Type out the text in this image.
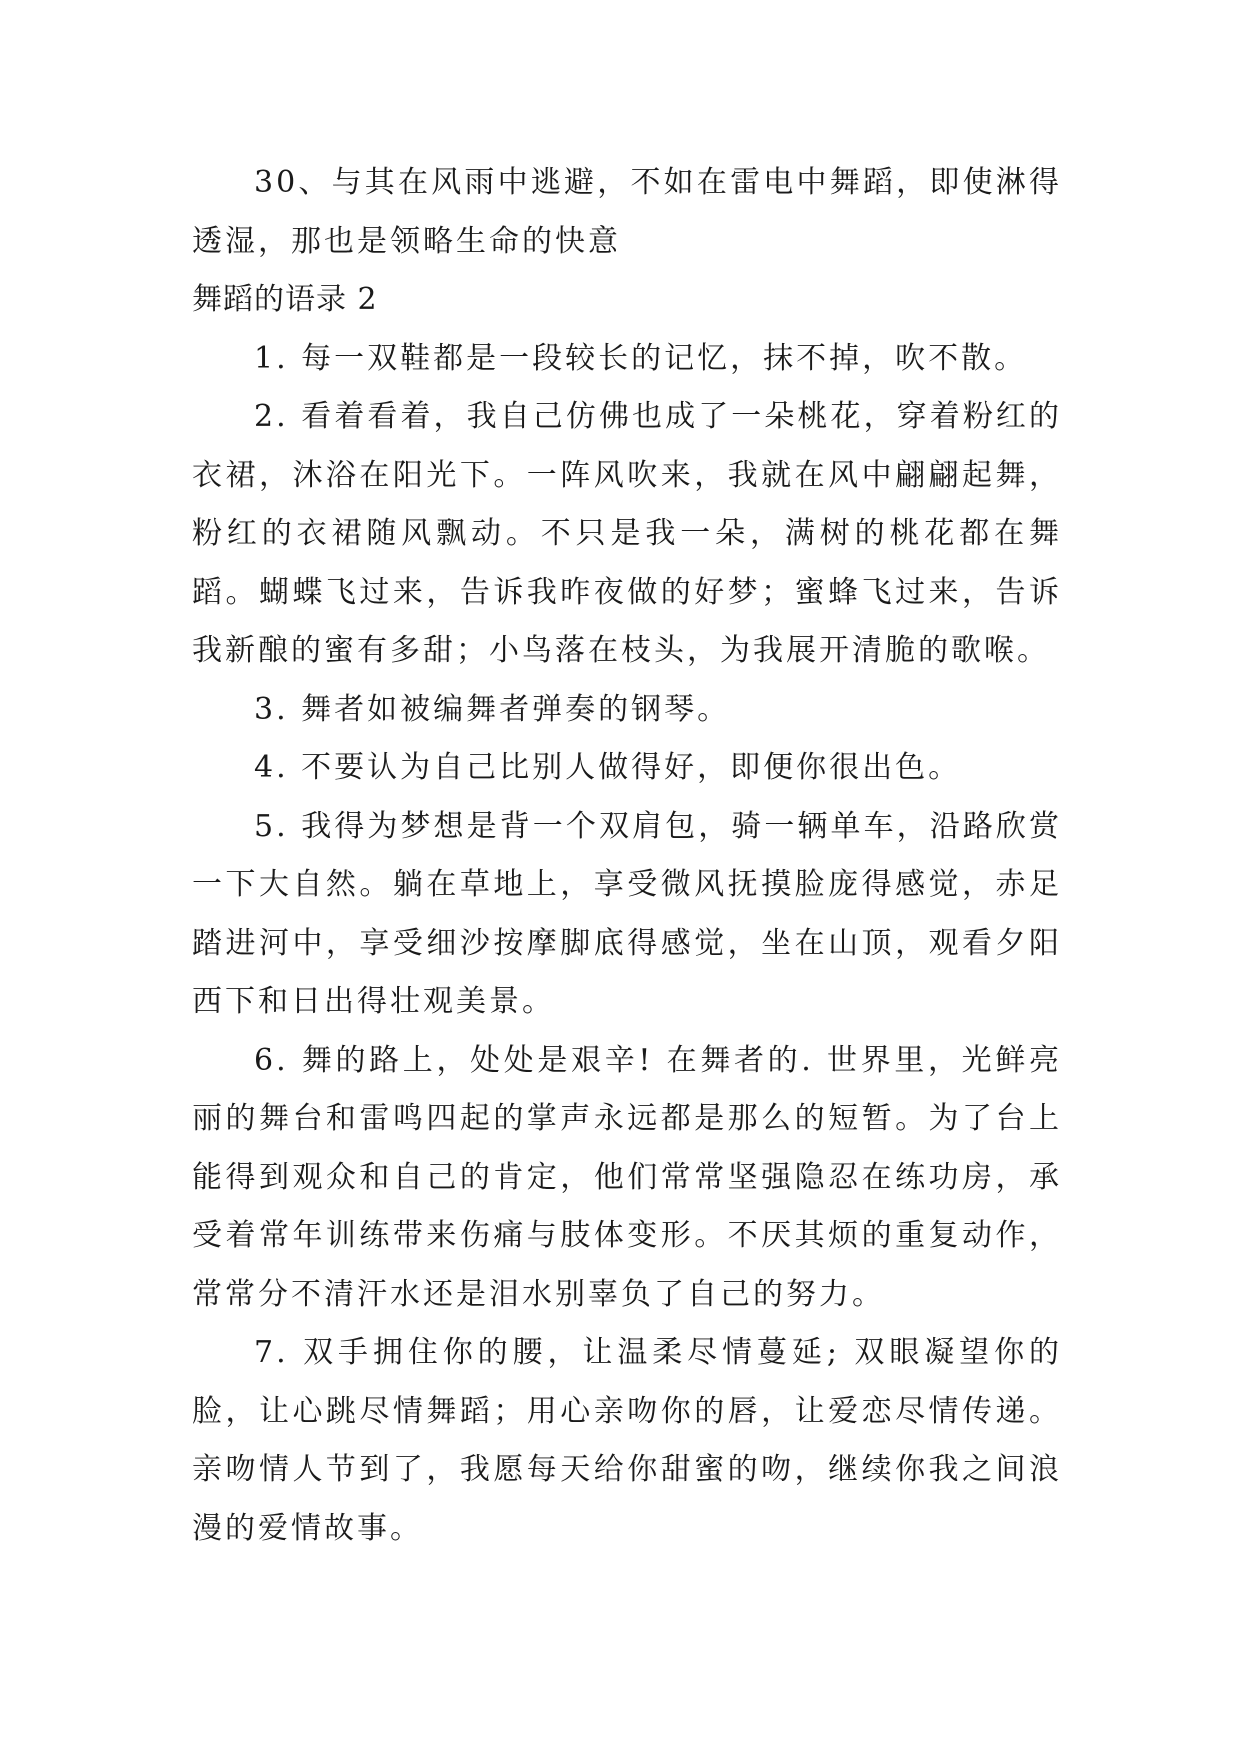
30、与其在风雨中逃避，不如在雷电中舞蹈，即使淋得透湿，那也是领略生命的快意

舞蹈的语录 2

1. 每一双鞋都是一段较长的记忆，抹不掉，吹不散。

2. 看着看着，我自己仿佛也成了一朵桃花，穿着粉红的衣裙，沐浴在阳光下。一阵风吹来，我就在风中翩翩起舞，粉红的衣裙随风飘动。不只是我一朵，满树的桃花都在舞蹈。蝴蝶飞过来，告诉我昨夜做的好梦；蜜蜂飞过来，告诉我新酿的蜜有多甜；小鸟落在枝头，为我展开清脆的歌喉。

3. 舞者如被编舞者弹奏的钢琴。

4. 不要认为自己比别人做得好，即便你很出色。

5. 我得为梦想是背一个双肩包，骑一辆单车，沿路欣赏一下大自然。躺在草地上，享受微风抚摸脸庞得感觉，赤足踏进河中，享受细沙按摩脚底得感觉，坐在山顶，观看夕阳西下和日出得壮观美景。

6. 舞的路上，处处是艰辛! 在舞者的. 世界里，光鲜亮丽的舞台和雷鸣四起的掌声永远都是那么的短暂。为了台上能得到观众和自己的肯定，他们常常坚强隐忍在练功房，承受着常年训练带来伤痛与肢体变形。不厌其烦的重复动作，常常分不清汗水还是泪水别辜负了自己的努力。

7. 双手拥住你的腰，让温柔尽情蔓延; 双眼凝望你的脸，让心跳尽情舞蹈；用心亲吻你的唇，让爱恋尽情传递。亲吻情人节到了，我愿每天给你甜蜜的吻，继续你我之间浪漫的爱情故事。
